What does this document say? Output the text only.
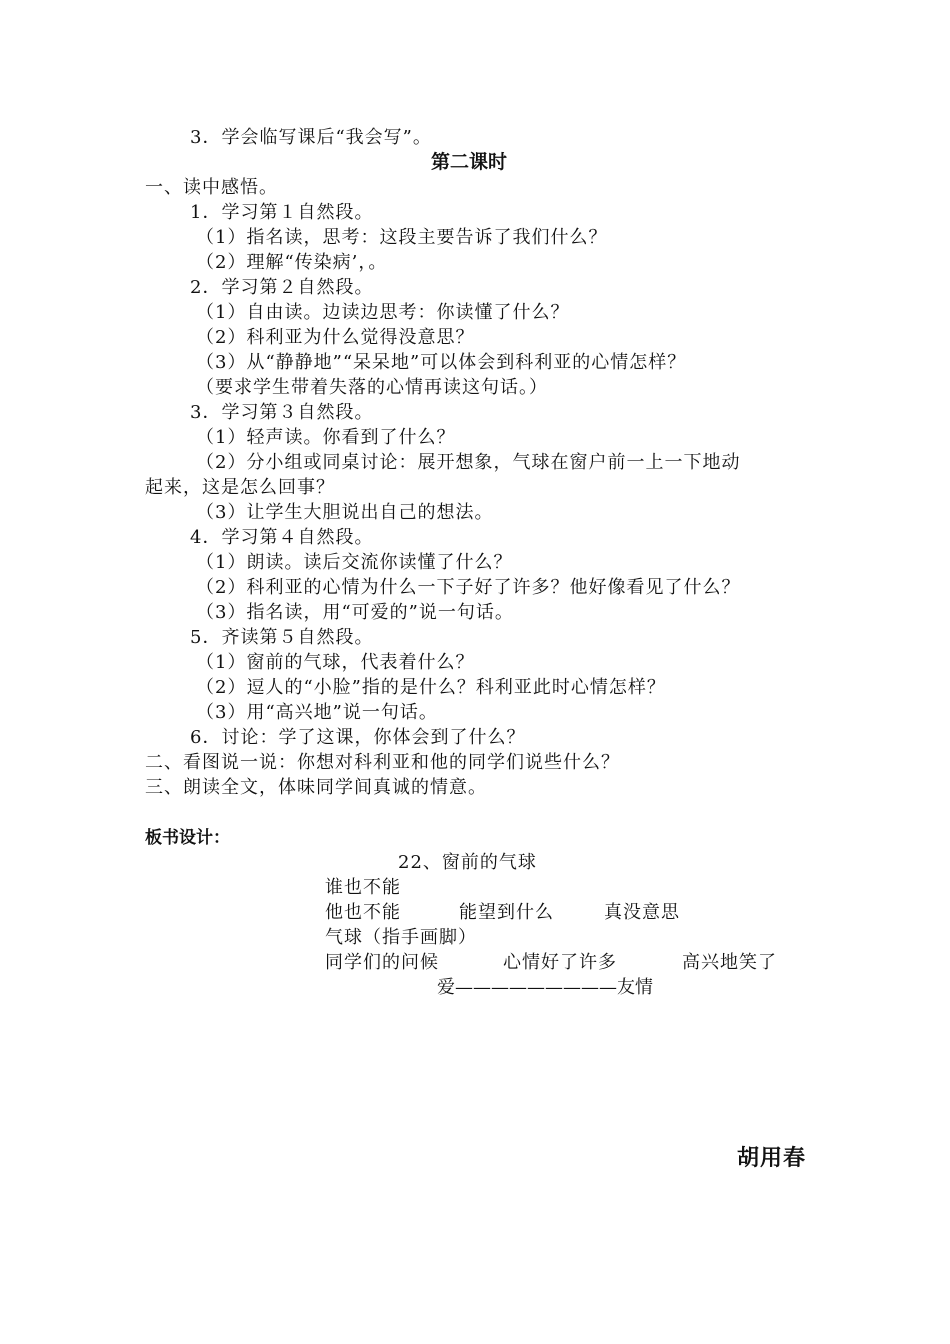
3．学会临写课后“我会写”。
第二课时
一、读中感悟。
1．学习第１自然段。
（1）指名读，思考：这段主要告诉了我们什么？
（2）理解“传染病’，。
2．学习第２自然段。
（1）自由读。边读边思考：你读懂了什么？
（2）科利亚为什么觉得没意思？
（3）从“静静地”“呆呆地”可以体会到科利亚的心情怎样？
（要求学生带着失落的心情再读这句话。）
3．学习第３自然段。
（1）轻声读。你看到了什么？
（2）分小组或同桌讨论：展开想象，气球在窗户前一上一下地动
起来，这是怎么回事？
（3）让学生大胆说出自己的想法。
4．学习第４自然段。
（1）朗读。读后交流你读懂了什么？
（2）科利亚的心情为什么一下子好了许多？他好像看见了什么？
（3）指名读，用“可爱的”说一句话。
5．齐读第５自然段。
（1）窗前的气球，代表着什么？
（2）逗人的“小脸”指的是什么？科利亚此时心情怎样？
（3）用“高兴地”说一句话。
6．讨论：学了这课，你体会到了什么？
二、看图说一说：你想对科利亚和他的同学们说些什么？
三、朗读全文，体味同学间真诚的情意。
板书设计：
22、窗前的气球
谁也不能
他也不能	能望到什么	真没意思
气球（指手画脚）
同学们的问候	心情好了许多	高兴地笑了
爱—————————友情
胡用春
